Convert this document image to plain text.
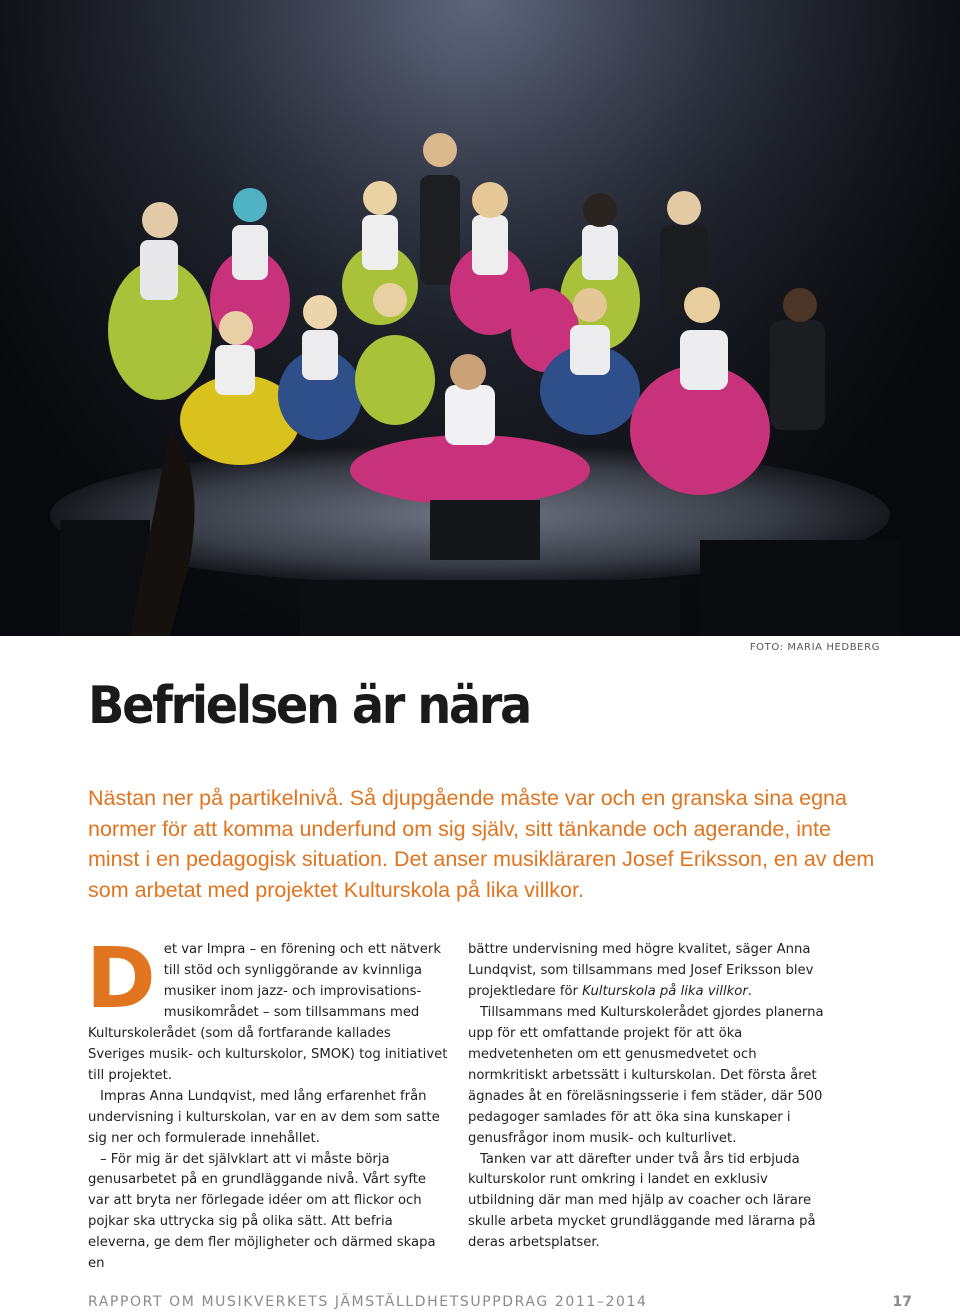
FOTO: MARIA HEDBERG
Befrielsen är nära
Nästan ner på partikelnivå. Så djupgående måste var och en granska sina egna normer för att komma underfund om sig själv, sitt tänkande och agerande, inte minst i en pedagogisk situation. Det anser musikläraren Josef Eriksson, en av dem som arbetat med projektet Kulturskola på lika villkor.

Det var Impra – en förening och ett nätverk till stöd och synliggörande av kvinnliga musiker inom jazz- och improvisationsmusikområdet – som tillsammans med Kulturskolerådet (som då fortfarande kallades Sveriges musik- och kulturskolor, SMOK) tog initiativet till projektet.

Impras Anna Lundqvist, med lång erfarenhet från undervisning i kulturskolan, var en av dem som satte sig ner och formulerade innehållet.

– För mig är det självklart att vi måste börja genusarbetet på en grundläggande nivå. Vårt syfte var att bryta ner förlegade idéer om att flickor och pojkar ska uttrycka sig på olika sätt. Att befria eleverna, ge dem fler möjligheter och därmed skapa en

bättre undervisning med högre kvalitet, säger Anna Lundqvist, som tillsammans med Josef Eriksson blev projektledare för Kulturskola på lika villkor.

Tillsammans med Kulturskolerådet gjordes planerna upp för ett omfattande projekt för att öka medvetenheten om ett genusmedvetet och normkritiskt arbetssätt i kulturskolan. Det första året ägnades åt en föreläsningsserie i fem städer, där 500 pedagoger samlades för att öka sina kunskaper i genusfrågor inom musik- och kulturlivet.

Tanken var att därefter under två års tid erbjuda kulturskolor runt omkring i landet en exklusiv utbildning där man med hjälp av coacher och lärare skulle arbeta mycket grundläggande med lärarna på deras arbetsplatser.

RAPPORT OM MUSIKVERKETS JÄMSTÄLLDHETSUPPDRAG 2011–2014	17
